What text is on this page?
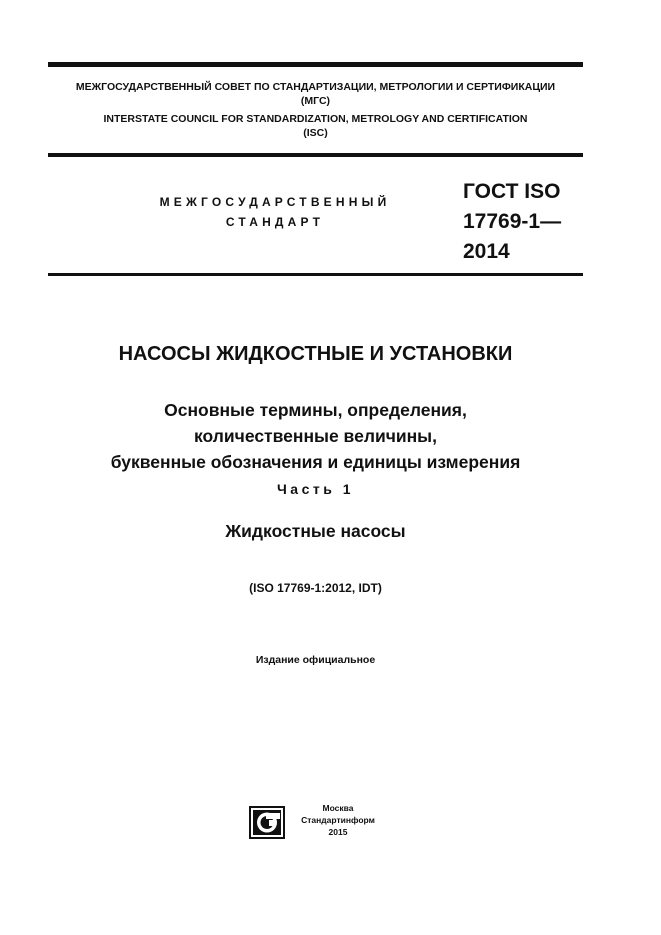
МЕЖГОСУДАРСТВЕННЫЙ СОВЕТ ПО СТАНДАРТИЗАЦИИ, МЕТРОЛОГИИ И СЕРТИФИКАЦИИ
(МГС)
INTERSTATE COUNCIL FOR STANDARDIZATION, METROLOGY AND CERTIFICATION
(ISC)
МЕЖГОСУДАРСТВЕННЫЙ
СТАНДАРТ
ГОСТ ISO
17769-1—
2014
НАСОСЫ ЖИДКОСТНЫЕ И УСТАНОВКИ
Основные термины, определения,
количественные величины,
буквенные обозначения и единицы измерения
Часть 1
Жидкостные насосы
(ISO 17769-1:2012, IDT)
Издание официальное
Москва
Стандартинформ
2015
